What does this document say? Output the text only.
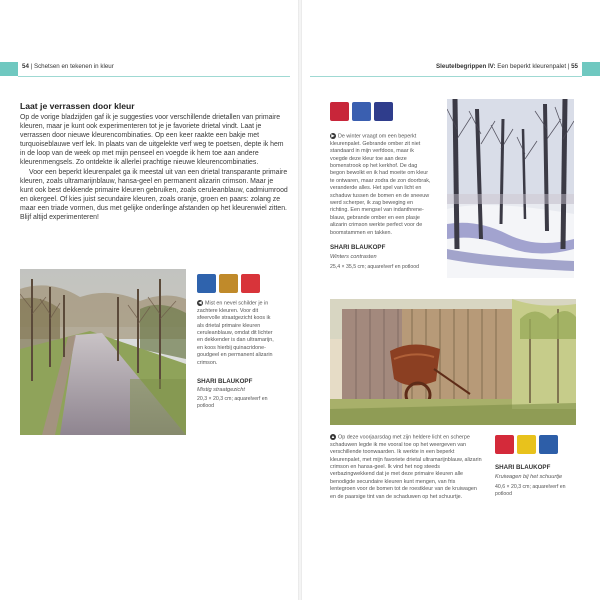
54 | Schetsen en tekenen in kleur
Laat je verrassen door kleur

Op de vorige bladzijden gaf ik je suggesties voor verschillende drietallen van primaire kleuren, maar je kunt ook experimenteren tot je je favoriete drietal vindt. Laat je verrassen door nieuwe kleurencombinaties. Op een keer raakte een bakje met turquoiseblauwe verf lek. In plaats van de uitgelekte verf weg te poetsen, depte ik hem in de loop van de week op met mijn penseel en voegde ik hem toe aan andere kleurenmengsels. Zo ontdekte ik allerlei prachtige nieuwe kleurencombinaties.

Voor een beperkt kleurenpalet ga ik meestal uit van een drietal transparante primaire kleuren, zoals ultramarijnblauw, hansa-geel en permanent alizarin crimson. Maar je kunt ook best dekkende primaire kleuren gebruiken, zoals ceruleanblauw, cadmiumrood en okergeel. Of kies juist secundaire kleuren, zoals oranje, groen en paars: zolang ze maar een triade vormen, dus met gelijke onderlinge afstanden op het kleurenwiel zitten. Blijf altijd experimenteren!

◀ Mist en nevel schilder je in zachtere kleuren. Voor dit sfeervolle straatgezicht koos ik als drietal primaire kleuren ceruleanblauw, omdat dit lichter en dekkender is dan ultramarijn, en koos hierbij quinacridone-goudgeel en permanent alizarin crimson.
SHARI BLAUKOPF
Mistig straatgezicht
20,3 × 20,3 cm; aquarelverf en potlood
Sleutelbegrippen IV: Een beperkt kleurenpalet | 55
▶ De winter vraagt om een beperkt kleurenpalet. Gebrande omber zit niet standaard in mijn verfdoos, maar ik voegde deze kleur toe aan deze bomenstrook op het kerkhof. De dag begon bewolkt en ik had moeite om kleur te ontwaren, maar zodra de zon doorbrak, veranderde alles. Het spel van licht en schaduw tussen de bomen en de sneeuw werd scherper, ik zag beweging en richting. Een mengsel van indanthrene-blauw, gebrande omber en een plasje alizarin crimson werkte perfect voor de boomstammen en takken.
SHARI BLAUKOPF
Winters contrasten
25,4 × 35,5 cm; aquarelverf en potlood
▲ Op deze voorjaarsdag met zijn heldere licht en scherpe schaduwen legde ik me vooral toe op het weergeven van verschillende toonwaarden. Ik werkte in een beperkt kleurenpalet, met mijn favoriete drietal ultramarijnblauw, alizarin crimson en hansa-geel. Ik vind het nog steeds verbazingwekkend dat je met deze primaire kleuren alle benodigde secundaire kleuren kunt mengen, van fris lentegroen voor de bomen tot de roestkleur van de kruiwagen en de paarsige tint van de schaduwen op het schuurtje.
SHARI BLAUKOPF
Kruiwagen bij het schuurtje
40,6 × 20,3 cm; aquarelverf en potlood
